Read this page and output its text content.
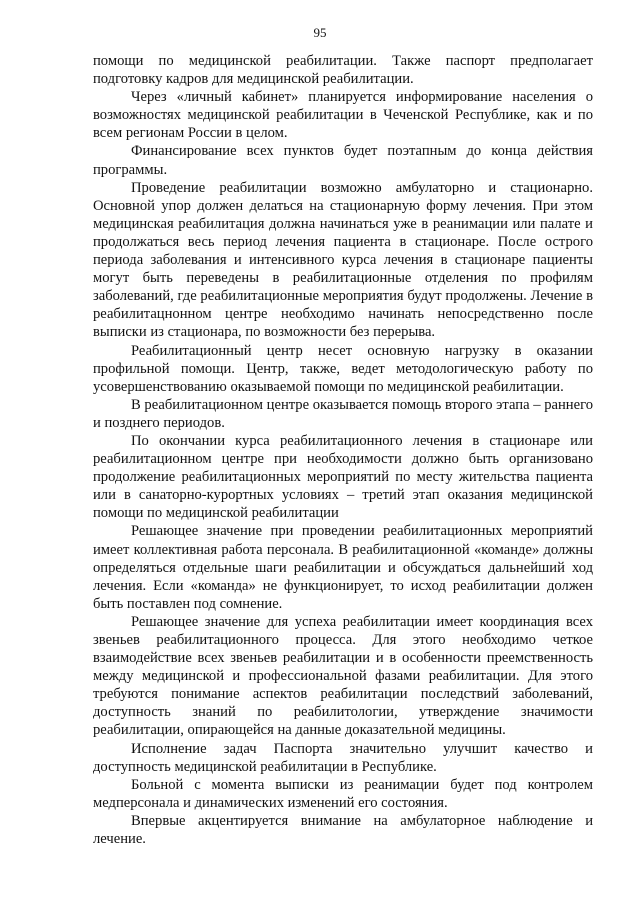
95

помощи по медицинской реабилитации. Также паспорт предполагает подготовку кадров для медицинской реабилитации.

Через «личный кабинет» планируется информирование населения о возможностях медицинской реабилитации в Чеченской Республике, как и по всем регионам России в целом.

Финансирование всех пунктов будет поэтапным до конца действия программы.

Проведение реабилитации возможно амбулаторно и стационарно. Основной упор должен делаться на стационарную форму лечения. При этом медицинская реабилитация должна начинаться уже в реанимации или палате и продолжаться весь период лечения пациента в стационаре. После острого периода заболевания и интенсивного курса лечения в стационаре пациенты могут быть переведены в реабилитационные отделения по профилям заболеваний, где реабилитационные мероприятия будут продолжены. Лечение в реабилитацнонном центре необходимо начинать непосредственно после выписки из стационара, по возможности без перерыва.

Реабилитационный центр несет основную нагрузку в оказании профильной помощи. Центр, также, ведет методологическую работу по усовершенствованию оказываемой помощи по медицинской реабилитации.

В реабилитационном центре оказывается помощь второго этапа – раннего и позднего периодов.

По окончании курса реабилитационного лечения в стационаре или реабилитационном центре при необходимости должно быть организовано продолжение реабилитационных мероприятий по месту жительства пациента или в санаторно-курортных условиях – третий этап оказания медицинской помощи по медицинской реабилитации

Решающее значение при проведении реабилитационных мероприятий имеет коллективная работа персонала. В реабилитационной «команде» должны определяться отдельные шаги реабилитации и обсуждаться дальнейший ход лечения. Если «команда» не функционирует, то исход реабилитации должен быть поставлен под сомнение.

Решающее значение для успеха реабилитации имеет координация всех звеньев реабилитационного процесса. Для этого необходимо четкое взаимодействие всех звеньев реабилитации и в особенности преемственность между медицинской и профессиональной фазами реабилитации. Для этого требуются понимание аспектов реабилитации последствий заболеваний, доступность знаний по реабилитологии, утверждение значимости реабилитации, опирающейся на данные доказательной медицины.

Исполнение задач Паспорта значительно улучшит качество и доступность медицинской реабилитации в Республике.

Больной с момента выписки из реанимации будет под контролем медперсонала и динамических изменений его состояния.

Впервые акцентируется внимание на амбулаторное наблюдение и лечение.
